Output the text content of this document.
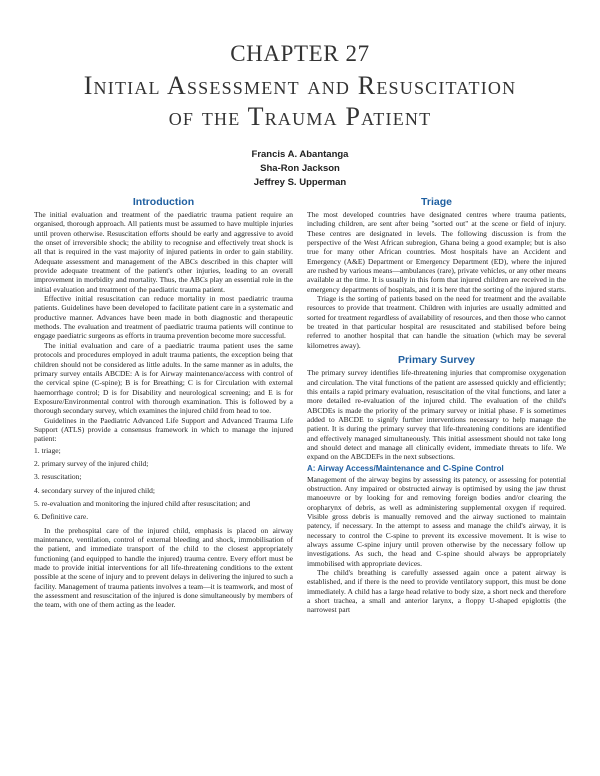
CHAPTER 27
Initial Assessment and Resuscitation
of the Trauma Patient
Francis A. Abantanga
Sha-Ron Jackson
Jeffrey S. Upperman
Introduction

The initial evaluation and treatment of the paediatric trauma patient require an organised, thorough approach. All patients must be assumed to have multiple injuries until proven otherwise. Resuscitation efforts should be early and aggressive to avoid the onset of irreversible shock; the ability to recognise and effectively treat shock is all that is required in the vast majority of injured patients in order to gain stability. Adequate assessment and management of the ABCs described in this chapter will provide adequate treatment of the patient's other injuries, leading to an overall improvement in morbidity and mortality. Thus, the ABCs play an essential role in the initial evaluation and treatment of the paediatric trauma patient.

Effective initial resuscitation can reduce mortality in most paediatric trauma patients. Guidelines have been developed to facilitate patient care in a systematic and productive manner. Advances have been made in both diagnostic and therapeutic methods. The evaluation and treatment of paediatric trauma patients will continue to engage paediatric surgeons as efforts in trauma prevention become more successful.

The initial evaluation and care of a paediatric trauma patient uses the same protocols and procedures employed in adult trauma patients, the exception being that children should not be considered as little adults. In the same manner as in adults, the primary survey entails ABCDE: A is for Airway maintenance/access with control of the cervical spine (C-spine); B is for Breathing; C is for Circulation with external haemorrhage control; D is for Disability and neurological screening; and E is for Exposure/Environmental control with thorough examination. This is followed by a thorough secondary survey, which examines the injured child from head to toe.

Guidelines in the Paediatric Advanced Life Support and Advanced Trauma Life Support (ATLS) provide a consensus framework in which to manage the injured patient:

1. triage;
2. primary survey of the injured child;
3. resuscitation;
4. secondary survey of the injured child;
5. re-evaluation and monitoring the injured child after resuscitation; and
6. Definitive care.

In the prehospital care of the injured child, emphasis is placed on airway maintenance, ventilation, control of external bleeding and shock, immobilisation of the patient, and immediate transport of the child to the closest appropriately functioning (and equipped to handle the injured) trauma centre. Every effort must be made to provide initial interventions for all life-threatening conditions to the extent possible at the scene of injury and to prevent delays in delivering the injured to such a facility. Management of trauma patients involves a team—it is teamwork, and most of the assessment and resuscitation of the injured is done simultaneously by members of the team, with one of them acting as the leader.

Triage

The most developed countries have designated centres where trauma patients, including children, are sent after being "sorted out" at the scene or field of injury. These centres are designated in levels. The following discussion is from the perspective of the West African subregion, Ghana being a good example; but is also true for many other African countries. Most hospitals have an Accident and Emergency (A&E) Department or Emergency Department (ED), where the injured are rushed by various means—ambulances (rare), private vehicles, or any other means available at the time. It is usually in this form that injured children are received in the emergency departments of hospitals, and it is here that the sorting of the injured starts.

Triage is the sorting of patients based on the need for treatment and the available resources to provide that treatment. Children with injuries are usually admitted and sorted for treatment regardless of availability of resources, and then those who cannot be treated in that particular hospital are resuscitated and stabilised before being referred to another hospital that can handle the situation (which may be several kilometres away).

Primary Survey

The primary survey identifies life-threatening injuries that compromise oxygenation and circulation. The vital functions of the patient are assessed quickly and efficiently; this entails a rapid primary evaluation, resuscitation of the vital functions, and later a more detailed re-evaluation of the injured child. The evaluation of the child's ABCDEs is made the priority of the primary survey or initial phase. F is sometimes added to ABCDE to signify further interventions necessary to help manage the patient. It is during the primary survey that life-threatening conditions are identified and effectively managed simultaneously. This initial assessment should not take long and should detect and manage all clinically evident, immediate threats to life. We expand on the ABCDEFs in the next subsections.

A: Airway Access/Maintenance and C-Spine Control

Management of the airway begins by assessing its patency, or assessing for potential obstruction. Any impaired or obstructed airway is optimised by using the jaw thrust manoeuvre or by looking for and removing foreign bodies and/or clearing the oropharynx of debris, as well as administering supplemental oxygen if required. Visible gross debris is manually removed and the airway suctioned to maintain patency, if necessary. In the attempt to assess and manage the child's airway, it is necessary to control the C-spine to prevent its excessive movement. It is wise to always assume C-spine injury until proven otherwise by the necessary follow up investigations. As such, the head and C-spine should always be appropriately immobilised with appropriate devices.

The child's breathing is carefully assessed again once a patent airway is established, and if there is the need to provide ventilatory support, this must be done immediately. A child has a large head relative to body size, a short neck and therefore a short trachea, a small and anterior larynx, a floppy U-shaped epiglottis (the narrowest part
